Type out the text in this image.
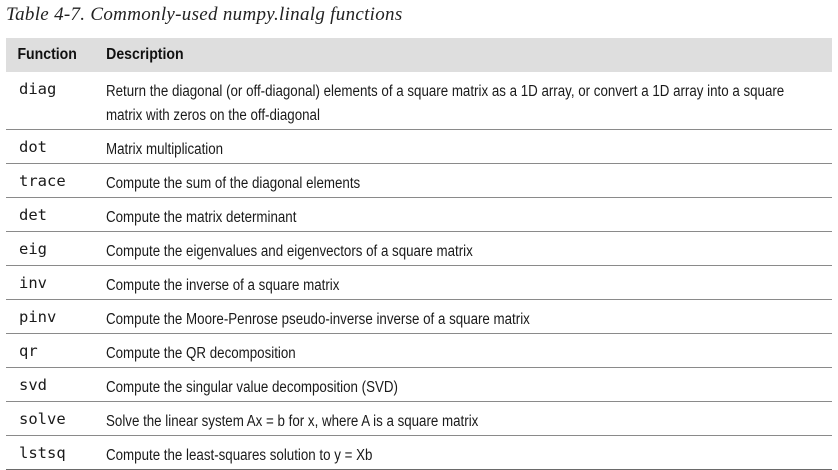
Table 4-7. Commonly-used numpy.linalg functions
Function	Description

diag	Return the diagonal (or off-diagonal) elements of a square matrix as a 1D array, or convert a 1D array into a square matrix with zeros on the off-diagonal

dot	Matrix multiplication

trace	Compute the sum of the diagonal elements

det	Compute the matrix determinant

eig	Compute the eigenvalues and eigenvectors of a square matrix

inv	Compute the inverse of a square matrix

pinv	Compute the Moore-Penrose pseudo-inverse inverse of a square matrix

qr	Compute the QR decomposition

svd	Compute the singular value decomposition (SVD)

solve	Solve the linear system Ax = b for x, where A is a square matrix

lstsq	Compute the least-squares solution to y = Xb
